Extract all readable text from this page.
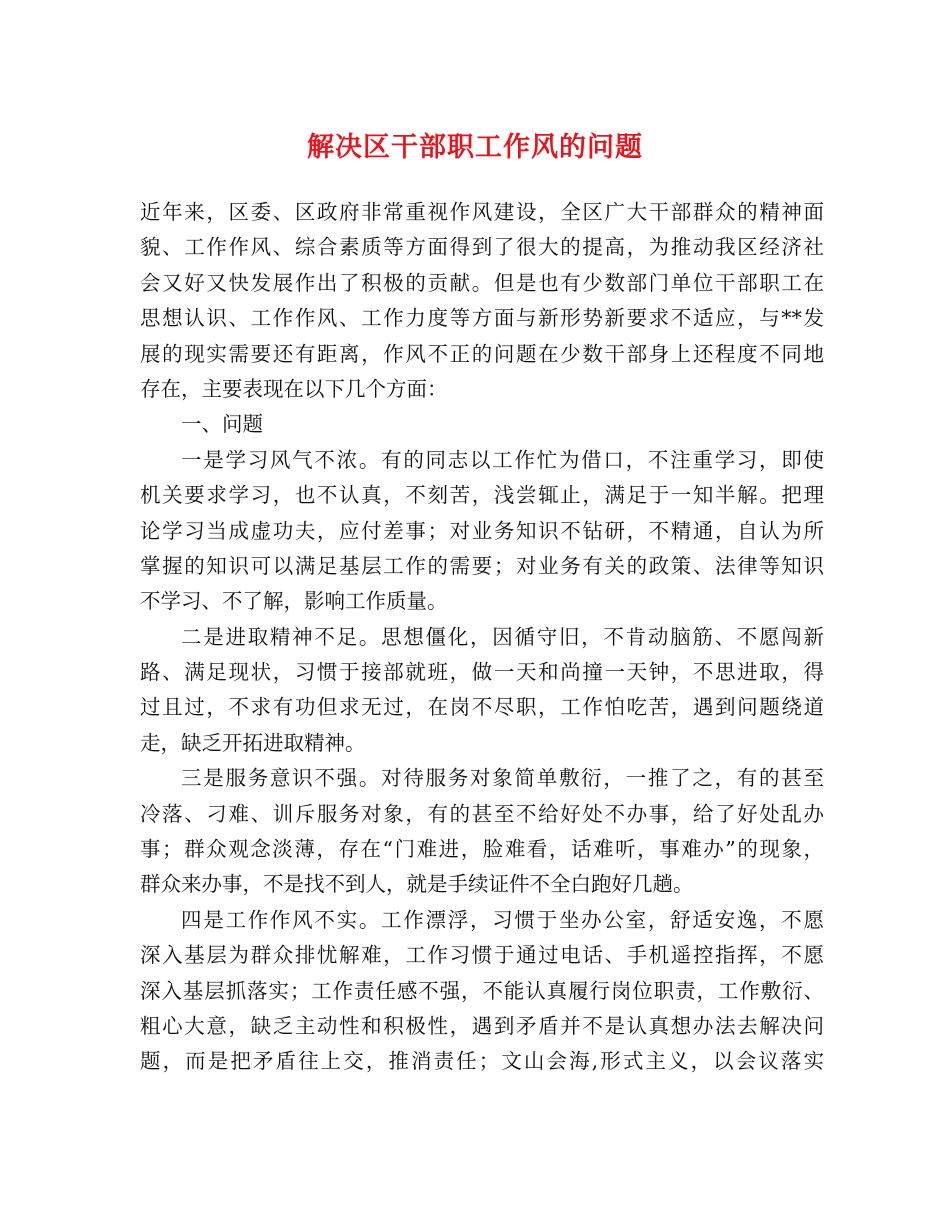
解决区干部职工作风的问题
近年来，区委、区政府非常重视作风建设，全区广大干部群众的精神面
貌、工作作风、综合素质等方面得到了很大的提高，为推动我区经济社
会又好又快发展作出了积极的贡献。但是也有少数部门单位干部职工在
思想认识、工作作风、工作力度等方面与新形势新要求不适应，与**发
展的现实需要还有距离，作风不正的问题在少数干部身上还程度不同地
存在，主要表现在以下几个方面：
一、问题
一是学习风气不浓。有的同志以工作忙为借口，不注重学习，即使
机关要求学习，也不认真，不刻苦，浅尝辄止，满足于一知半解。把理
论学习当成虚功夫，应付差事；对业务知识不钻研，不精通，自认为所
掌握的知识可以满足基层工作的需要；对业务有关的政策、法律等知识
不学习、不了解，影响工作质量。
二是进取精神不足。思想僵化，因循守旧，不肯动脑筋、不愿闯新
路、满足现状，习惯于接部就班，做一天和尚撞一天钟，不思进取，得
过且过，不求有功但求无过，在岗不尽职，工作怕吃苦，遇到问题绕道
走，缺乏开拓进取精神。
三是服务意识不强。对待服务对象简单敷衍，一推了之，有的甚至
冷落、刁难、训斥服务对象，有的甚至不给好处不办事，给了好处乱办
事；群众观念淡薄，存在“门难进，脸难看，话难听，事难办”的现象，
群众来办事，不是找不到人，就是手续证件不全白跑好几趟。
四是工作作风不实。工作漂浮，习惯于坐办公室，舒适安逸，不愿
深入基层为群众排忧解难，工作习惯于通过电话、手机遥控指挥，不愿
深入基层抓落实；工作责任感不强，不能认真履行岗位职责，工作敷衍、
粗心大意，缺乏主动性和积极性，遇到矛盾并不是认真想办法去解决问
题，而是把矛盾往上交，推消责任；文山会海,形式主义，以会议落实
